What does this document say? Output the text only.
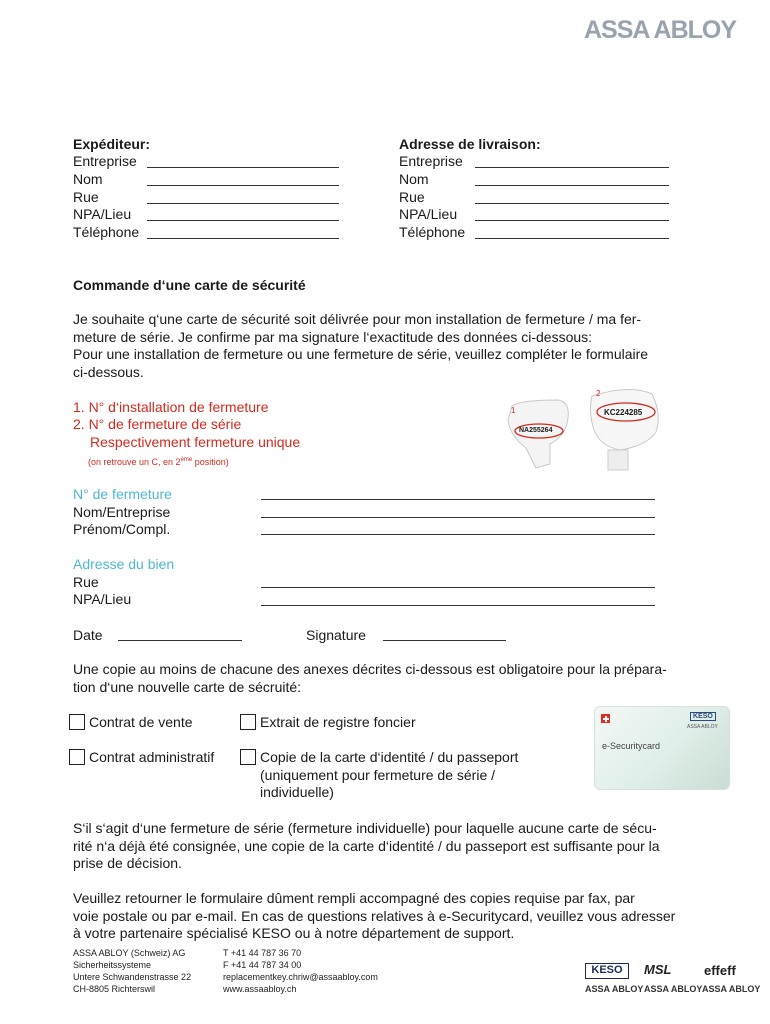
ASSA ABLOY
Expéditeur:
Entreprise
Nom
Rue
NPA/Lieu
Téléphone
Adresse de livraison:
Entreprise
Nom
Rue
NPA/Lieu
Téléphone
Commande d‘une carte de sécurité
Je souhaite q‘une carte de sécurité soit délivrée pour mon installation de fermeture / ma fer-
meture de série. Je confirme par ma signature l‘exactitude des données ci-dessous:
Pour une installation de fermeture ou une fermeture de série, veuillez compléter le formulaire
ci-dessous.
1. N° d‘installation de fermeture
2. N° de fermeture de série
Respectivement fermeture unique
(on retrouve un C, en 2ème position)
1
NA255264
2
KC224285
N° de fermeture
Nom/Entreprise
Prénom/Compl.
Adresse du bien
Rue
NPA/Lieu
Date	Signature
Une copie au moins de chacune des anexes décrites ci-dessous est obligatoire pour la prépara-
tion d‘une nouvelle carte de sécruité:
Contrat de vente	Extrait de registre foncier
Contrat administratif	Copie de la carte d‘identité / du passeport
(uniquement pour fermeture de série /
individuelle)
KESO
ASSA ABLOY
e-Securitycard
S‘il s‘agit d‘une fermeture de série (fermeture individuelle) pour laquelle aucune carte de sécu-
rité n‘a déjà été consignée, une copie de la carte d‘identité / du passeport est suffisante pour la
prise de décision.
Veuillez retourner le formulaire dûment rempli accompagné des copies requise par fax, par
voie postale ou par e-mail. En cas de questions relatives à e-Securitycard, veuillez vous adresser
à votre partenaire spécialisé KESO ou à notre département de support.
ASSA ABLOY (Schweiz) AG
Sicherheitssysteme
Untere Schwandenstrasse 22
CH-8805 Richterswil
T +41 44 787 36 70
F +41 44 787 34 00
replacementkey.chriw@assaabloy.com
www.assaabloy.ch
KESO
ASSA ABLOY
MSL
ASSA ABLOY
effeff
ASSA ABLOY
